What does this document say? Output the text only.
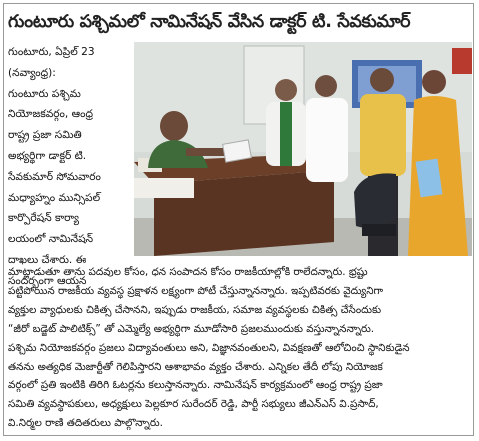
గుంటూరు పశ్చిమలో నామినేషన్ వేసిన డాక్టర్ టి. సేవకుమార్
గుంటూరు, ఏప్రిల్ 23
(నవ్యాంధ్ర):
గుంటూరు పశ్చిమ
నియోజకవర్గం, ఆంధ్ర
రాష్ట్ర ప్రజా సమితి
అభ్యర్థిగా డాక్టర్ టి.
సేవకుమార్ సోమవారం
మధ్యాహ్నం మున్సిపల్
కార్పొరేషన్ కార్యా
లయంలో నామినేషన్
దాఖలు చేశారు. ఈ
సందర్భంగా ఆయన
మాట్లాడుతూ తాను పదవుల కోసం, ధన సంపాదన కోసం రాజకీయాల్లోకి రాలేదన్నారు. భ్రష్టు
పట్టిపోయిన రాజకీయ వ్యవస్థ ప్రక్షాళన లక్ష్యంగా పోటీ చేస్తున్నానన్నారు. ఇప్పటివరకు వైద్యునిగా
వ్యక్తుల వ్యాధులకు చికిత్స చేసానని, ఇప్పుడు రాజకీయ, సమాజ వ్యవస్థలకు చికిత్స చేసేందుకు
“జీరో బడ్జెట్ పాలిటిక్స్” తో ఎమ్మెల్యే అభ్యర్థిగా మూడోసారి ప్రజలముందుకు వస్తున్నానన్నారు.
పశ్చిమ నియోజకవర్గం ప్రజలు విద్యావంతులు అని, విజ్ఞానవంతులని, వివక్షణతో ఆలోచించి స్థానికుడైన
తనను అత్యధిక మెజార్టీతో గెలిపిస్తారని ఆశాభావం వ్యక్తం చేశారు. ఎన్నికల తేదీ లోపు నియోజక
వర్గంలో ప్రతి ఇంటికి తిరిగి ఓటర్లను కలుస్తానన్నారు. నామినేషన్ కార్యక్రమంలో ఆంధ్ర రాష్ట్ర ప్రజా
సమితి వ్యవస్థాపకులు, అధ్యక్షులు పెల్లకూర సురేందర్ రెడ్డి, పార్టీ సభ్యులు జీఎన్‌ఎస్ వి.ప్రసాద్,
వి.నిర్మల రాణి తదితరులు పాల్గొన్నారు.
